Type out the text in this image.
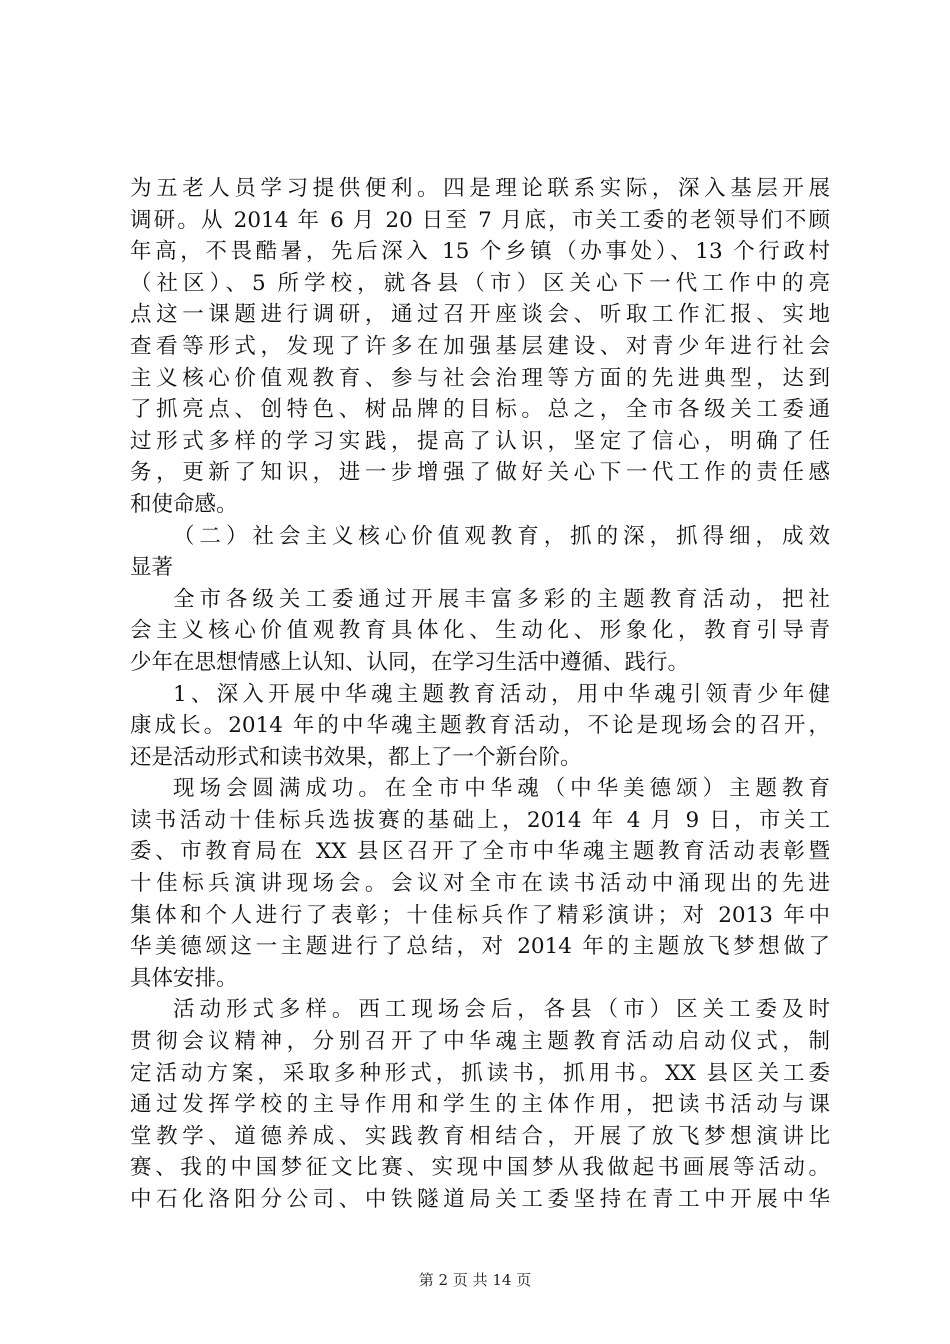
为五老人员学习提供便利。四是理论联系实际，深入基层开展
调研。从 2014 年 6 月 20 日至 7 月底，市关工委的老领导们不顾
年高，不畏酷暑，先后深入 15 个乡镇（办事处）、13 个行政村
（社区）、5 所学校，就各县（市）区关心下一代工作中的亮
点这一课题进行调研，通过召开座谈会、听取工作汇报、实地
查看等形式，发现了许多在加强基层建设、对青少年进行社会
主义核心价值观教育、参与社会治理等方面的先进典型，达到
了抓亮点、创特色、树品牌的目标。总之，全市各级关工委通
过形式多样的学习实践，提高了认识，坚定了信心，明确了任
务，更新了知识，进一步增强了做好关心下一代工作的责任感
和使命感。
（二）社会主义核心价值观教育，抓的深，抓得细，成效
显著
全市各级关工委通过开展丰富多彩的主题教育活动，把社
会主义核心价值观教育具体化、生动化、形象化，教育引导青
少年在思想情感上认知、认同，在学习生活中遵循、践行。
1、深入开展中华魂主题教育活动，用中华魂引领青少年健
康成长。2014 年的中华魂主题教育活动，不论是现场会的召开，
还是活动形式和读书效果，都上了一个新台阶。
现场会圆满成功。在全市中华魂（中华美德颂）主题教育
读书活动十佳标兵选拔赛的基础上，2014 年 4 月 9 日，市关工
委、市教育局在 XX 县区召开了全市中华魂主题教育活动表彰暨
十佳标兵演讲现场会。会议对全市在读书活动中涌现出的先进
集体和个人进行了表彰；十佳标兵作了精彩演讲；对 2013 年中
华美德颂这一主题进行了总结，对 2014 年的主题放飞梦想做了
具体安排。
活动形式多样。西工现场会后，各县（市）区关工委及时
贯彻会议精神，分别召开了中华魂主题教育活动启动仪式，制
定活动方案，采取多种形式，抓读书，抓用书。XX 县区关工委
通过发挥学校的主导作用和学生的主体作用，把读书活动与课
堂教学、道德养成、实践教育相结合，开展了放飞梦想演讲比
赛、我的中国梦征文比赛、实现中国梦从我做起书画展等活动。
中石化洛阳分公司、中铁隧道局关工委坚持在青工中开展中华
第 2 页 共 14 页
